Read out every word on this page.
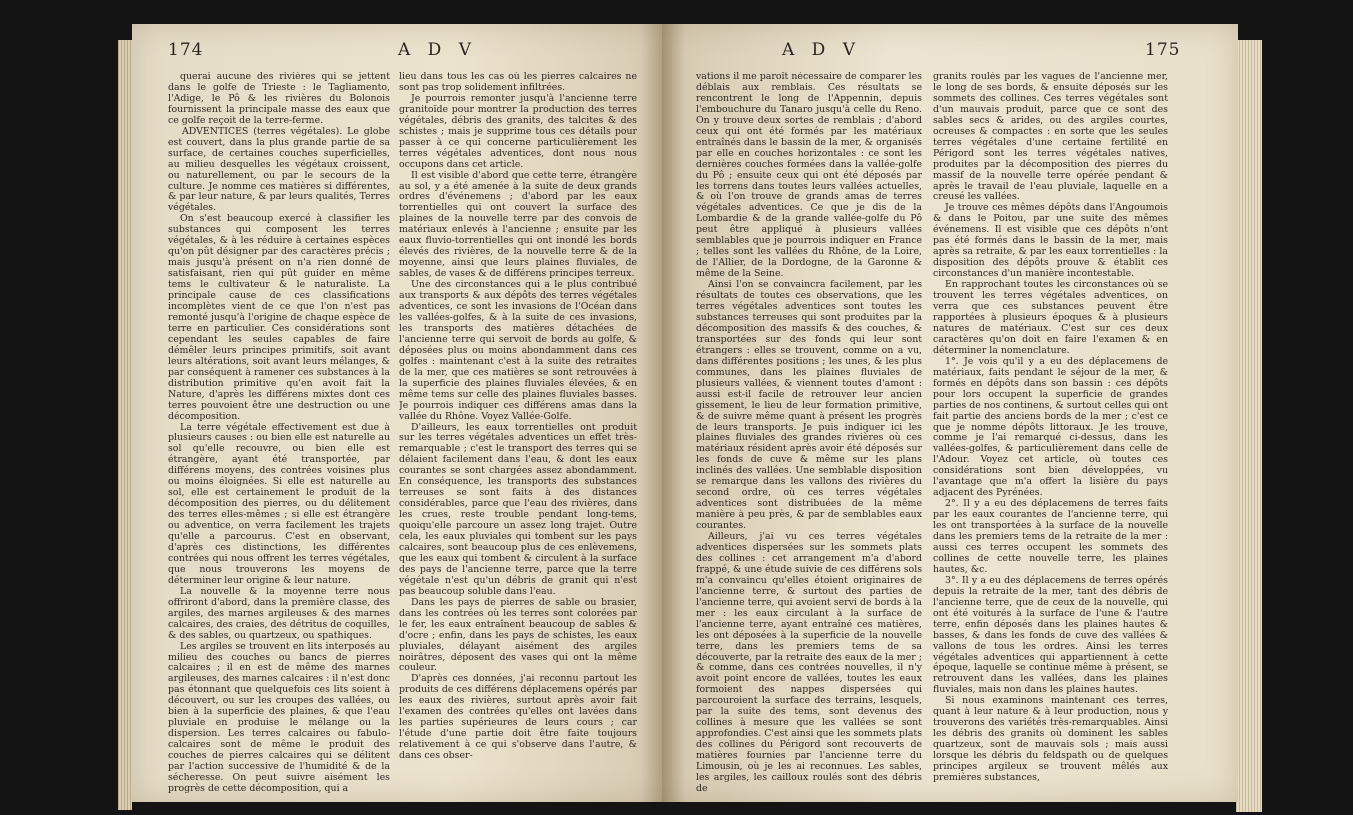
174	A D V	A D V	175

querai aucune des rivières qui se jettent dans le golfe de Trieste : le Tagliamento, l'Adige, le Pô & les rivières du Bolonois fournissent la principale masse des eaux que ce golfe reçoit de la terre-ferme.

ADVENTICES (terres végétales). Le globe est couvert, dans la plus grande partie de sa surface, de certaines couches superficielles, au milieu desquelles les végétaux croissent, ou naturellement, ou par le secours de la culture. Je nomme ces matières si différentes, & par leur nature, & par leurs qualités, Terres végétales.

On s'est beaucoup exercé à classifier les substances qui composent les terres végétales, & à les réduire à certaines espèces qu'on pût désigner par des caractères précis ; mais jusqu'à présent on n'a rien donné de satisfaisant, rien qui pût guider en même tems le cultivateur & le naturaliste. La principale cause de ces classifications incomplètes vient de ce que l'on n'est pas remonté jusqu'à l'origine de chaque espèce de terre en particulier. Ces considérations sont cependant les seules capables de faire démêler leurs principes primitifs, soit avant leurs altérations, soit avant leurs mélanges, & par conséquent à ramener ces substances à la distribution primitive qu'en avoit fait la Nature, d'après les différens mixtes dont ces terres pouvoient être une destruction ou une décomposition.

La terre végétale effectivement est due à plusieurs causes : ou bien elle est naturelle au sol qu'elle recouvre, ou bien elle est étrangère, ayant été transportée, par différens moyens, des contrées voisines plus ou moins éloignées. Si elle est naturelle au sol, elle est certainement le produit de la décomposition des pierres, ou du délitement des terres elles-mêmes ; si elle est étrangère ou adventice, on verra facilement les trajets qu'elle a parcourus. C'est en observant, d'après ces distinctions, les différentes contrées qui nous offrent les terres végétales, que nous trouverons les moyens de déterminer leur origine & leur nature.

La nouvelle & la moyenne terre nous offriront d'abord, dans la première classe, des argiles, des marnes argileuses & des marnes calcaires, des craies, des détritus de coquilles, & des sables, ou quartzeux, ou spathiques.

Les argiles se trouvent en lits interposés au milieu des couches ou bancs de pierres calcaires ; il en est de même des marnes argileuses, des marnes calcaires : il n'est donc pas étonnant que quelquefois ces lits soient à découvert, ou sur les croupes des vallées, ou bien à la superficie des plaines, & que l'eau pluviale en produise le mélange ou la dispersion. Les terres calcaires ou fabulo-calcaires sont de même le produit des couches de pierres calcaires qui se délitent par l'action successive de l'humidité & de la sécheresse. On peut suivre aisément les progrès de cette décomposition, qui a

lieu dans tous les cas où les pierres calcaires ne sont pas trop solidement infiltrées.

Je pourrois remonter jusqu'à l'ancienne terre granitoïde pour montrer la production des terres végétales, débris des granits, des talcites & des schistes ; mais je supprime tous ces détails pour passer à ce qui concerne particulièrement les terres végétales adventices, dont nous nous occupons dans cet article.

Il est visible d'abord que cette terre, étrangère au sol, y a été amenée à la suite de deux grands ordres d'événemens ; d'abord par les eaux torrentielles qui ont couvert la surface des plaines de la nouvelle terre par des convois de matériaux enlevés à l'ancienne ; ensuite par les eaux fluvio-torrentielles qui ont inondé les bords élevés des rivières, de la nouvelle terre & de la moyenne, ainsi que leurs plaines fluviales, de sables, de vases & de différens principes terreux.

Une des circonstances qui a le plus contribué aux transports & aux dépôts des terres végétales adventices, ce sont les invasions de l'Océan dans les vallées-golfes, & à la suite de ces invasions, les transports des matières détachées de l'ancienne terre qui servoit de bords au golfe, & déposées plus ou moins abondamment dans ces golfes : maintenant c'est à la suite des retraites de la mer, que ces matières se sont retrouvées à la superficie des plaines fluviales élevées, & en même tems sur celle des plaines fluviales basses. Je pourrois indiquer ces différens amas dans la vallée du Rhône. Voyez Vallée-Golfe.

D'ailleurs, les eaux torrentielles ont produit sur les terres végétales adventices un effet très-remarquable ; c'est le transport des terres qui se délaient facilement dans l'eau, & dont les eaux courantes se sont chargées assez abondamment. En conséquence, les transports des substances terreuses se sont faits à des distances considérables, parce que l'eau des rivières, dans les crues, reste trouble pendant long-tems, quoiqu'elle parcoure un assez long trajet. Outre cela, les eaux pluviales qui tombent sur les pays calcaires, sont beaucoup plus de ces enlèvemens, que les eaux qui tombent & circulent à la surface des pays de l'ancienne terre, parce que la terre végétale n'est qu'un débris de granit qui n'est pas beaucoup soluble dans l'eau.

Dans les pays de pierres de sable ou brasier, dans les contrées où les terres sont colorées par le fer, les eaux entraînent beaucoup de sables & d'ocre ; enfin, dans les pays de schistes, les eaux pluviales, délayant aisément des argiles noirâtres, déposent des vases qui ont la même couleur.

D'après ces données, j'ai reconnu partout les produits de ces différens déplacemens opérés par les eaux des rivières, surtout après avoir fait l'examen des contrées qu'elles ont lavées dans les parties supérieures de leurs cours ; car l'étude d'une partie doit être faite toujours relativement à ce qui s'observe dans l'autre, & dans ces obser-

vations il me paroît nécessaire de comparer les déblais aux remblais. Ces résultats se rencontrent le long de l'Appennin, depuis l'embouchure du Tanaro jusqu'à celle du Reno. On y trouve deux sortes de remblais ; d'abord ceux qui ont été formés par les matériaux entraînés dans le bassin de la mer, & organisés par elle en couches horizontales : ce sont les dernières couches formées dans la vallée-golfe du Pô ; ensuite ceux qui ont été déposés par les torrens dans toutes leurs vallées actuelles, & où l'on trouve de grands amas de terres végétales adventices. Ce que je dis de la Lombardie & de la grande vallée-golfe du Pô peut être appliqué à plusieurs vallées semblables que je pourrois indiquer en France ; telles sont les vallées du Rhône, de la Loire, de l'Allier, de la Dordogne, de la Garonne & même de la Seine.

Ainsi l'on se convaincra facilement, par les résultats de toutes ces observations, que les terres végétales adventices sont toutes les substances terreuses qui sont produites par la décomposition des massifs & des couches, & transportées sur des fonds qui leur sont étrangers : elles se trouvent, comme on a vu, dans différentes positions ; les unes, & les plus communes, dans les plaines fluviales de plusieurs vallées, & viennent toutes d'amont : aussi est-il facile de retrouver leur ancien gissement, le lieu de leur formation primitive, & de suivre même quant à présent les progrès de leurs transports. Je puis indiquer ici les plaines fluviales des grandes rivières où ces matériaux résident après avoir été déposés sur les fonds de cuve & même sur les plans inclinés des vallées. Une semblable disposition se remarque dans les vallons des rivières du second ordre, où ces terres végétales adventices sont distribuées de la même manière à peu près, & par de semblables eaux courantes.

Ailleurs, j'ai vu ces terres végétales adventices dispersées sur les sommets plats des collines : cet arrangement m'a d'abord frappé, & une étude suivie de ces différens sols m'a convaincu qu'elles étoient originaires de l'ancienne terre, & surtout des parties de l'ancienne terre, qui avoient servi de bords à la mer : les eaux circulant à la surface de l'ancienne terre, ayant entraîné ces matières, les ont déposées à la superficie de la nouvelle terre, dans les premiers tems de sa découverte, par la retraite des eaux de la mer ; & comme, dans ces contrées nouvelles, il n'y avoit point encore de vallées, toutes les eaux formoient des nappes dispersées qui parcouroient la surface des terrains, lesquels, par la suite des tems, sont devenus des collines à mesure que les vallées se sont approfondies. C'est ainsi que les sommets plats des collines du Périgord sont recouverts de matières fournies par l'ancienne terre du Limousin, où je les ai reconnues. Les sables, les argiles, les cailloux roulés sont des débris de

granits roulés par les vagues de l'ancienne mer, le long de ses bords, & ensuite déposés sur les sommets des collines. Ces terres végétales sont d'un mauvais produit, parce que ce sont des sables secs & arides, ou des argiles courtes, ocreuses & compactes : en sorte que les seules terres végétales d'une certaine fertilité en Périgord sont les terres végétales natives, produites par la décomposition des pierres du massif de la nouvelle terre opérée pendant & après le travail de l'eau pluviale, laquelle en a creusé les vallées.

Je trouve ces mêmes dépôts dans l'Angoumois & dans le Poitou, par une suite des mêmes événemens. Il est visible que ces dépôts n'ont pas été formés dans le bassin de la mer, mais après sa retraite, & par les eaux torrentielles : la disposition des dépôts prouve & établit ces circonstances d'un manière incontestable.

En rapprochant toutes les circonstances où se trouvent les terres végétales adventices, on verra que ces substances peuvent être rapportées à plusieurs époques & à plusieurs natures de matériaux. C'est sur ces deux caractères qu'on doit en faire l'examen & en déterminer la nomenclature.

1°. Je vois qu'il y a eu des déplacemens de matériaux, faits pendant le séjour de la mer, & formés en dépôts dans son bassin : ces dépôts pour lors occupent la superficie de grandes parties de nos continens, & surtout celles qui ont fait partie des anciens bords de la mer ; c'est ce que je nomme dépôts littoraux. Je les trouve, comme je l'ai remarqué ci-dessus, dans les vallées-golfes, & particulièrement dans celle de l'Adour. Voyez cet article, où toutes ces considérations sont bien développées, vu l'avantage que m'a offert la lisière du pays adjacent des Pyrénées.

2°. Il y a eu des déplacemens de terres faits par les eaux courantes de l'ancienne terre, qui les ont transportées à la surface de la nouvelle dans les premiers tems de la retraite de la mer : aussi ces terres occupent les sommets des collines de cette nouvelle terre, les plaines hautes, &c.

3°. Il y a eu des déplacemens de terres opérés depuis la retraite de la mer, tant des débris de l'ancienne terre, que de ceux de la nouvelle, qui ont été voiturés à la surface de l'une & l'autre terre, enfin déposés dans les plaines hautes & basses, & dans les fonds de cuve des vallées & vallons de tous les ordres. Ainsi les terres végétales adventices qui appartiennent à cette époque, laquelle se continue même à présent, se retrouvent dans les vallées, dans les plaines fluviales, mais non dans les plaines hautes.

Si nous examinons maintenant ces terres, quant à leur nature & à leur production, nous y trouverons des variétés très-remarquables. Ainsi les débris des granits où dominent les sables quartzeux, sont de mauvais sols ; mais aussi lorsque les débris du feldspath ou de quelques principes argileux se trouvent mêlés aux premières substances,
